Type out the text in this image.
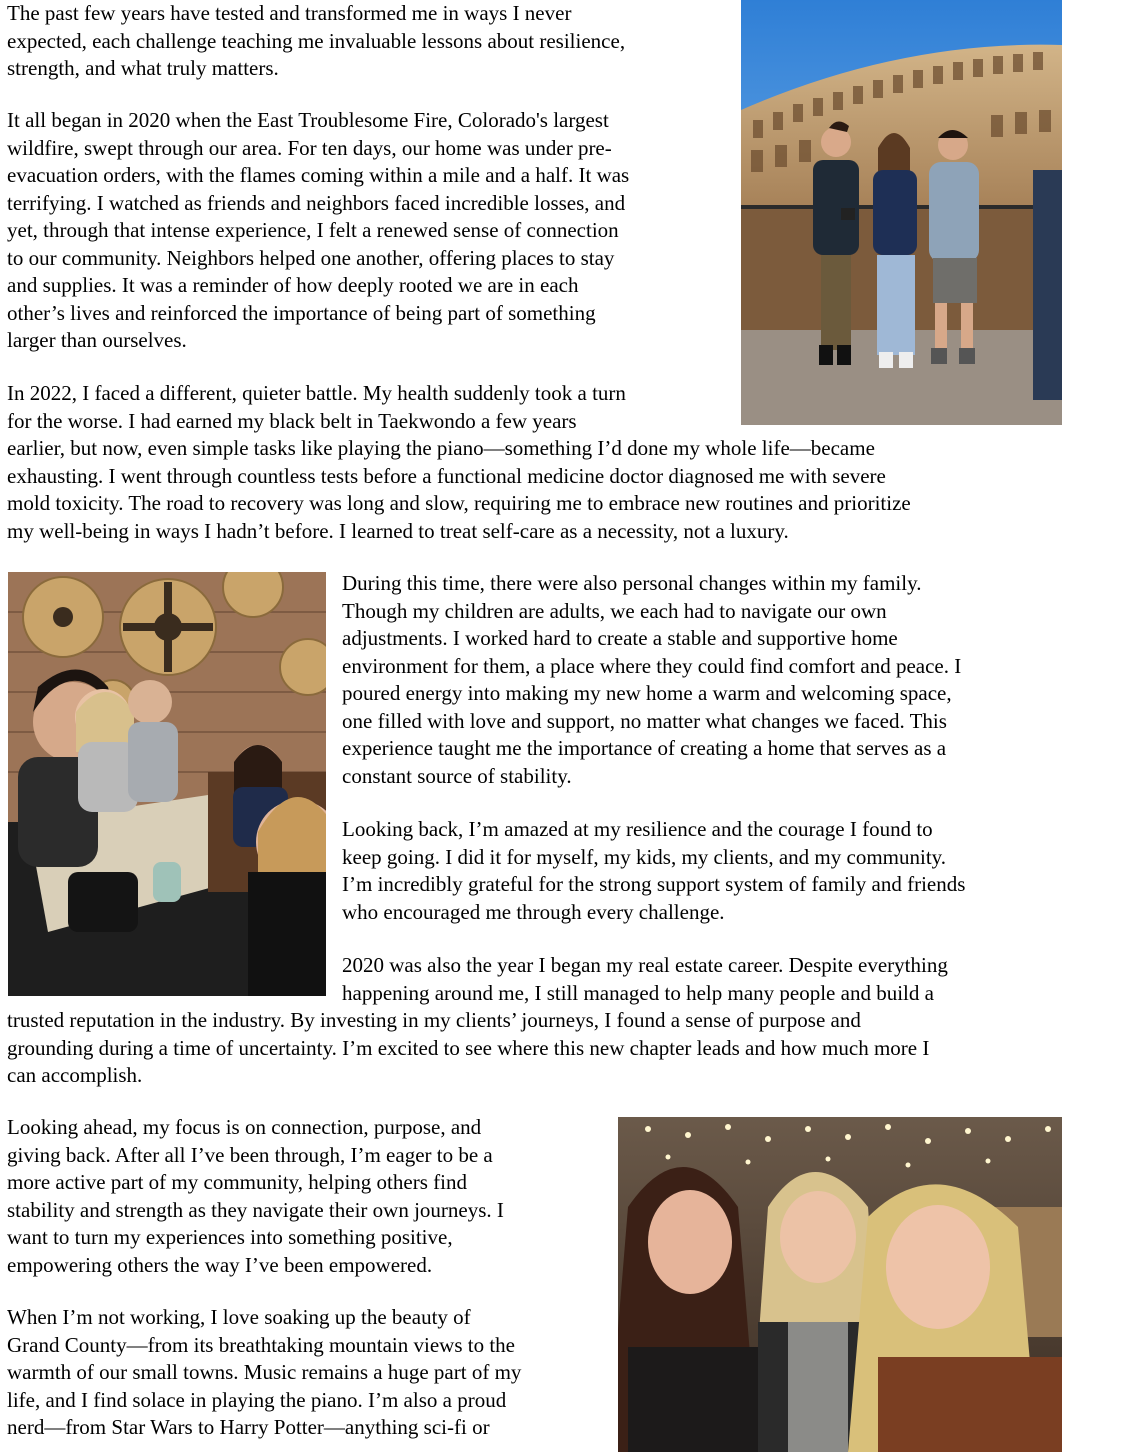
The past few years have tested and transformed me in ways I never
expected, each challenge teaching me invaluable lessons about resilience,
strength, and what truly matters.
It all began in 2020 when the East Troublesome Fire, Colorado's largest
wildfire, swept through our area. For ten days, our home was under pre-
evacuation orders, with the flames coming within a mile and a half. It was
terrifying. I watched as friends and neighbors faced incredible losses, and
yet, through that intense experience, I felt a renewed sense of connection
to our community. Neighbors helped one another, offering places to stay
and supplies. It was a reminder of how deeply rooted we are in each
other’s lives and reinforced the importance of being part of something
larger than ourselves.
In 2022, I faced a different, quieter battle. My health suddenly took a turn
for the worse. I had earned my black belt in Taekwondo a few years
earlier, but now, even simple tasks like playing the piano—something I’d done my whole life—became
exhausting. I went through countless tests before a functional medicine doctor diagnosed me with severe
mold toxicity. The road to recovery was long and slow, requiring me to embrace new routines and prioritize
my well-being in ways I hadn’t before. I learned to treat self-care as a necessity, not a luxury.
During this time, there were also personal changes within my family.
Though my children are adults, we each had to navigate our own
adjustments. I worked hard to create a stable and supportive home
environment for them, a place where they could find comfort and peace. I
poured energy into making my new home a warm and welcoming space,
one filled with love and support, no matter what changes we faced. This
experience taught me the importance of creating a home that serves as a
constant source of stability.
Looking back, I’m amazed at my resilience and the courage I found to
keep going. I did it for myself, my kids, my clients, and my community.
I’m incredibly grateful for the strong support system of family and friends
who encouraged me through every challenge.
2020 was also the year I began my real estate career. Despite everything
happening around me, I still managed to help many people and build a
trusted reputation in the industry. By investing in my clients’ journeys, I found a sense of purpose and
grounding during a time of uncertainty. I’m excited to see where this new chapter leads and how much more I
can accomplish.
Looking ahead, my focus is on connection, purpose, and
giving back. After all I’ve been through, I’m eager to be a
more active part of my community, helping others find
stability and strength as they navigate their own journeys. I
want to turn my experiences into something positive,
empowering others the way I’ve been empowered.
When I’m not working, I love soaking up the beauty of
Grand County—from its breathtaking mountain views to the
warmth of our small towns. Music remains a huge part of my
life, and I find solace in playing the piano. I’m also a proud
nerd—from Star Wars to Harry Potter—anything sci-fi or
